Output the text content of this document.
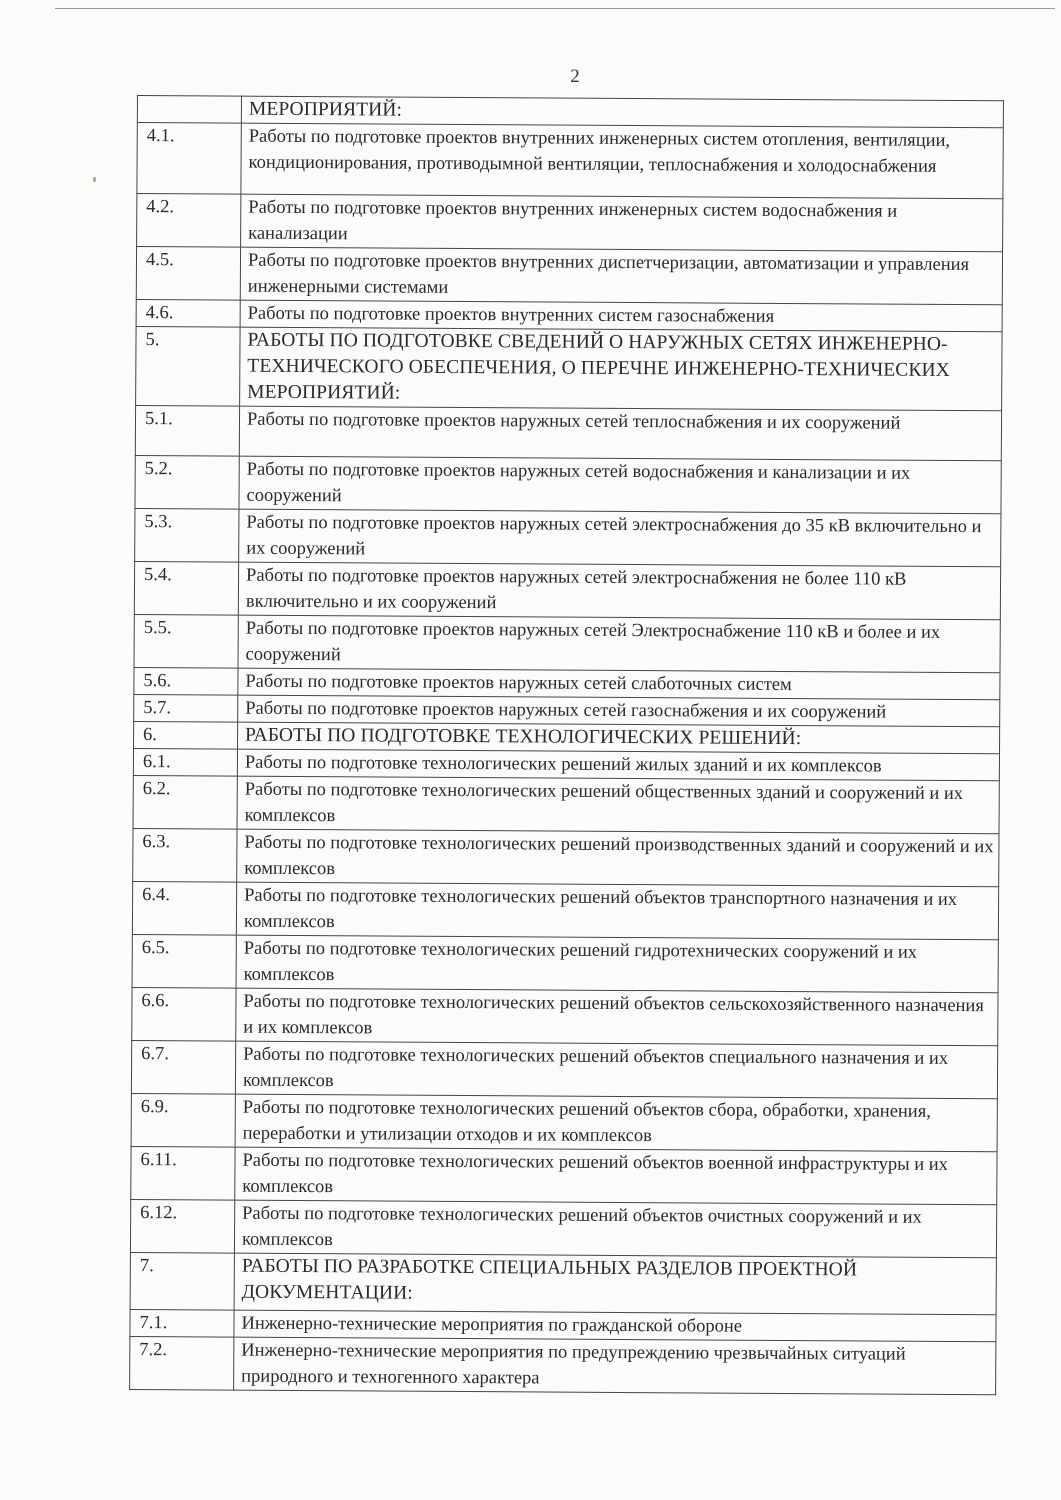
2
	МЕРОПРИЯТИЙ:
4.1.	Работы по подготовке проектов внутренних инженерных систем отопления, вентиляции, кондиционирования, противодымной вентиляции, теплоснабжения и холодоснабжения
4.2.	Работы по подготовке проектов внутренних инженерных систем водоснабжения и канализации
4.5.	Работы по подготовке проектов внутренних диспетчеризации, автоматизации и управления инженерными системами
4.6.	Работы по подготовке проектов внутренних систем газоснабжения
5.	РАБОТЫ ПО ПОДГОТОВКЕ СВЕДЕНИЙ О НАРУЖНЫХ СЕТЯХ ИНЖЕНЕРНО-ТЕХНИЧЕСКОГО ОБЕСПЕЧЕНИЯ, О ПЕРЕЧНЕ ИНЖЕНЕРНО-ТЕХНИЧЕСКИХ МЕРОПРИЯТИЙ:
5.1.	Работы по подготовке проектов наружных сетей теплоснабжения и их сооружений
5.2.	Работы по подготовке проектов наружных сетей водоснабжения и канализации и их сооружений
5.3.	Работы по подготовке проектов наружных сетей электроснабжения до 35 кВ включительно и их сооружений
5.4.	Работы по подготовке проектов наружных сетей электроснабжения не более 110 кВ включительно и их сооружений
5.5.	Работы по подготовке проектов наружных сетей Электроснабжение 110 кВ и более и их сооружений
5.6.	Работы по подготовке проектов наружных сетей слаботочных систем
5.7.	Работы по подготовке проектов наружных сетей газоснабжения и их сооружений
6.	РАБОТЫ ПО ПОДГОТОВКЕ ТЕХНОЛОГИЧЕСКИХ РЕШЕНИЙ:
6.1.	Работы по подготовке технологических решений жилых зданий и их комплексов
6.2.	Работы по подготовке технологических решений общественных зданий и сооружений и их комплексов
6.3.	Работы по подготовке технологических решений производственных зданий и сооружений и их комплексов
6.4.	Работы по подготовке технологических решений объектов транспортного назначения и их комплексов
6.5.	Работы по подготовке технологических решений гидротехнических сооружений и их комплексов
6.6.	Работы по подготовке технологических решений объектов сельскохозяйственного назначения и их комплексов
6.7.	Работы по подготовке технологических решений объектов специального назначения и их комплексов
6.9.	Работы по подготовке технологических решений объектов сбора, обработки, хранения, переработки и утилизации отходов и их комплексов
6.11.	Работы по подготовке технологических решений объектов военной инфраструктуры и их комплексов
6.12.	Работы по подготовке технологических решений объектов очистных сооружений и их комплексов
7.	РАБОТЫ ПО РАЗРАБОТКЕ СПЕЦИАЛЬНЫХ РАЗДЕЛОВ ПРОЕКТНОЙ ДОКУМЕНТАЦИИ:
7.1.	Инженерно-технические мероприятия по гражданской обороне
7.2.	Инженерно-технические мероприятия по предупреждению чрезвычайных ситуаций природного и техногенного характера
